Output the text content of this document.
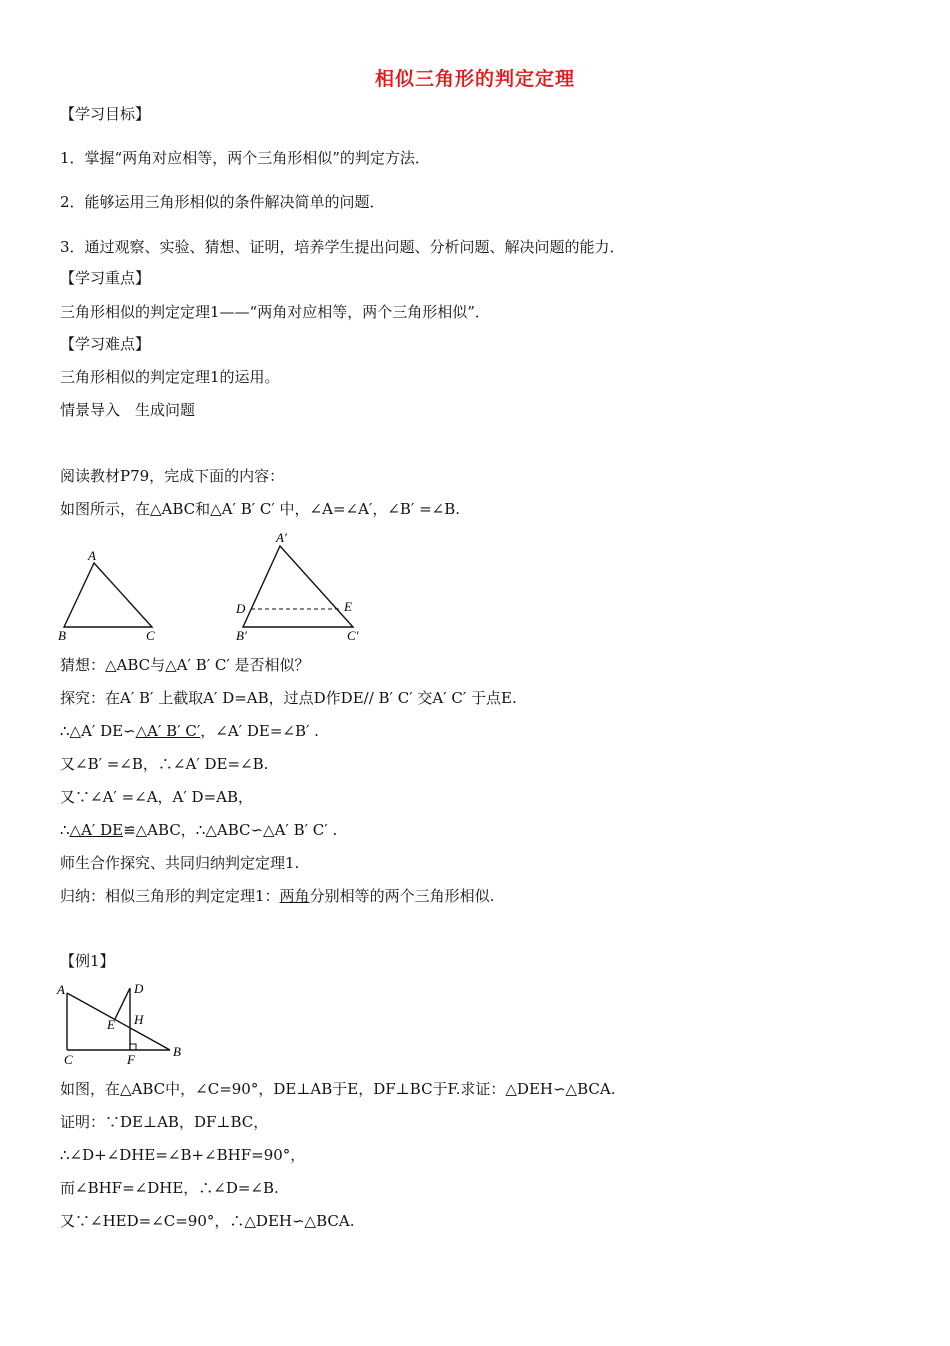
相似三角形的判定定理
【学习目标】
1．掌握“两角对应相等，两个三角形相似”的判定方法．
2．能够运用三角形相似的条件解决简单的问题．
3．通过观察、实验、猜想、证明，培养学生提出问题、分析问题、解决问题的能力．
【学习重点】
三角形相似的判定定理1——“两角对应相等，两个三角形相似”．
【学习难点】
三角形相似的判定定理1的运用。
情景导入　生成问题
阅读教材P79，完成下面的内容：
如图所示，在△ABC和△A′ B′ C′ 中，∠A=∠A′，∠B′ =∠B.
A
B	C
A′
D	E
B′	C′
猜想：△ABC与△A′ B′ C′ 是否相似？
探究：在A′ B′ 上截取A′ D=AB，过点D作DE// B′ C′ 交A′ C′ 于点E.
∴△A′ DE∽△A′ B′ C′，∠A′ DE=∠B′ .
又∠B′ =∠B，∴∠A′ DE=∠B.
又∵∠A′ =∠A，A′ D=AB，
∴△A′ DE≌△ABC，∴△ABC∽△A′ B′ C′ .
师生合作探究、共同归纳判定定理1.
归纳：相似三角形的判定定理1：两角分别相等的两个三角形相似.
【例1】
A	D
H
E
C	F
B
如图，在△ABC中，∠C=90°，DE⊥AB于E，DF⊥BC于F.求证：△DEH∽△BCA.
证明：∵DE⊥AB，DF⊥BC，
∴∠D+∠DHE=∠B+∠BHF=90°，
而∠BHF=∠DHE，∴∠D=∠B.
又∵∠HED=∠C=90°，∴△DEH∽△BCA.
